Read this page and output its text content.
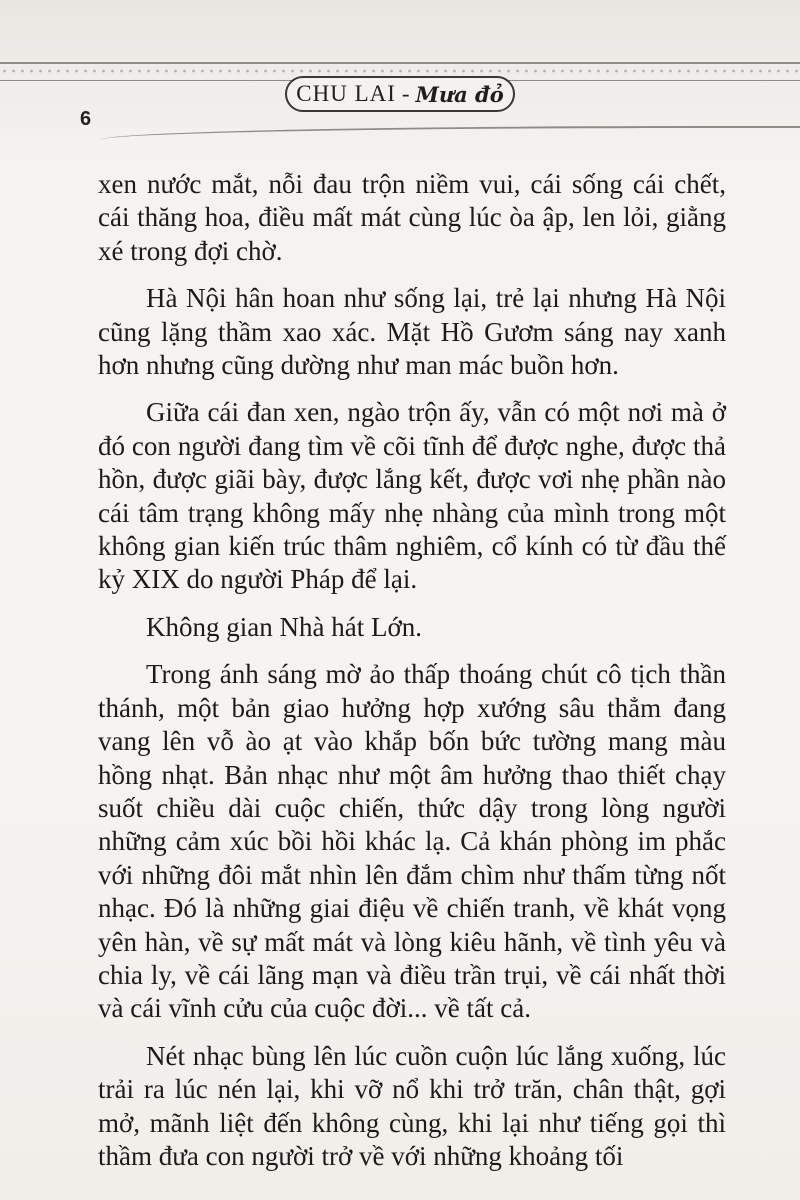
CHU LAI - Mưa đỏ
6

xen nước mắt, nỗi đau trộn niềm vui, cái sống cái chết, cái thăng hoa, điều mất mát cùng lúc òa ập, len lỏi, giằng xé trong đợi chờ.

Hà Nội hân hoan như sống lại, trẻ lại nhưng Hà Nội cũng lặng thầm xao xác. Mặt Hồ Gươm sáng nay xanh hơn nhưng cũng dường như man mác buồn hơn.

Giữa cái đan xen, ngào trộn ấy, vẫn có một nơi mà ở đó con người đang tìm về cõi tĩnh để được nghe, được thả hồn, được giãi bày, được lắng kết, được vơi nhẹ phần nào cái tâm trạng không mấy nhẹ nhàng của mình trong một không gian kiến trúc thâm nghiêm, cổ kính có từ đầu thế kỷ XIX do người Pháp để lại.

Không gian Nhà hát Lớn.

Trong ánh sáng mờ ảo thấp thoáng chút cô tịch thần thánh, một bản giao hưởng hợp xướng sâu thẳm đang vang lên vỗ ào ạt vào khắp bốn bức tường mang màu hồng nhạt. Bản nhạc như một âm hưởng thao thiết chạy suốt chiều dài cuộc chiến, thức dậy trong lòng người những cảm xúc bồi hồi khác lạ. Cả khán phòng im phắc với những đôi mắt nhìn lên đắm chìm như thấm từng nốt nhạc. Đó là những giai điệu về chiến tranh, về khát vọng yên hàn, về sự mất mát và lòng kiêu hãnh, về tình yêu và chia ly, về cái lãng mạn và điều trần trụi, về cái nhất thời và cái vĩnh cửu của cuộc đời... về tất cả.

Nét nhạc bùng lên lúc cuồn cuộn lúc lắng xuống, lúc trải ra lúc nén lại, khi vỡ nổ khi trở trăn, chân thật, gợi mở, mãnh liệt đến không cùng, khi lại như tiếng gọi thì thầm đưa con người trở về với những khoảng tối
